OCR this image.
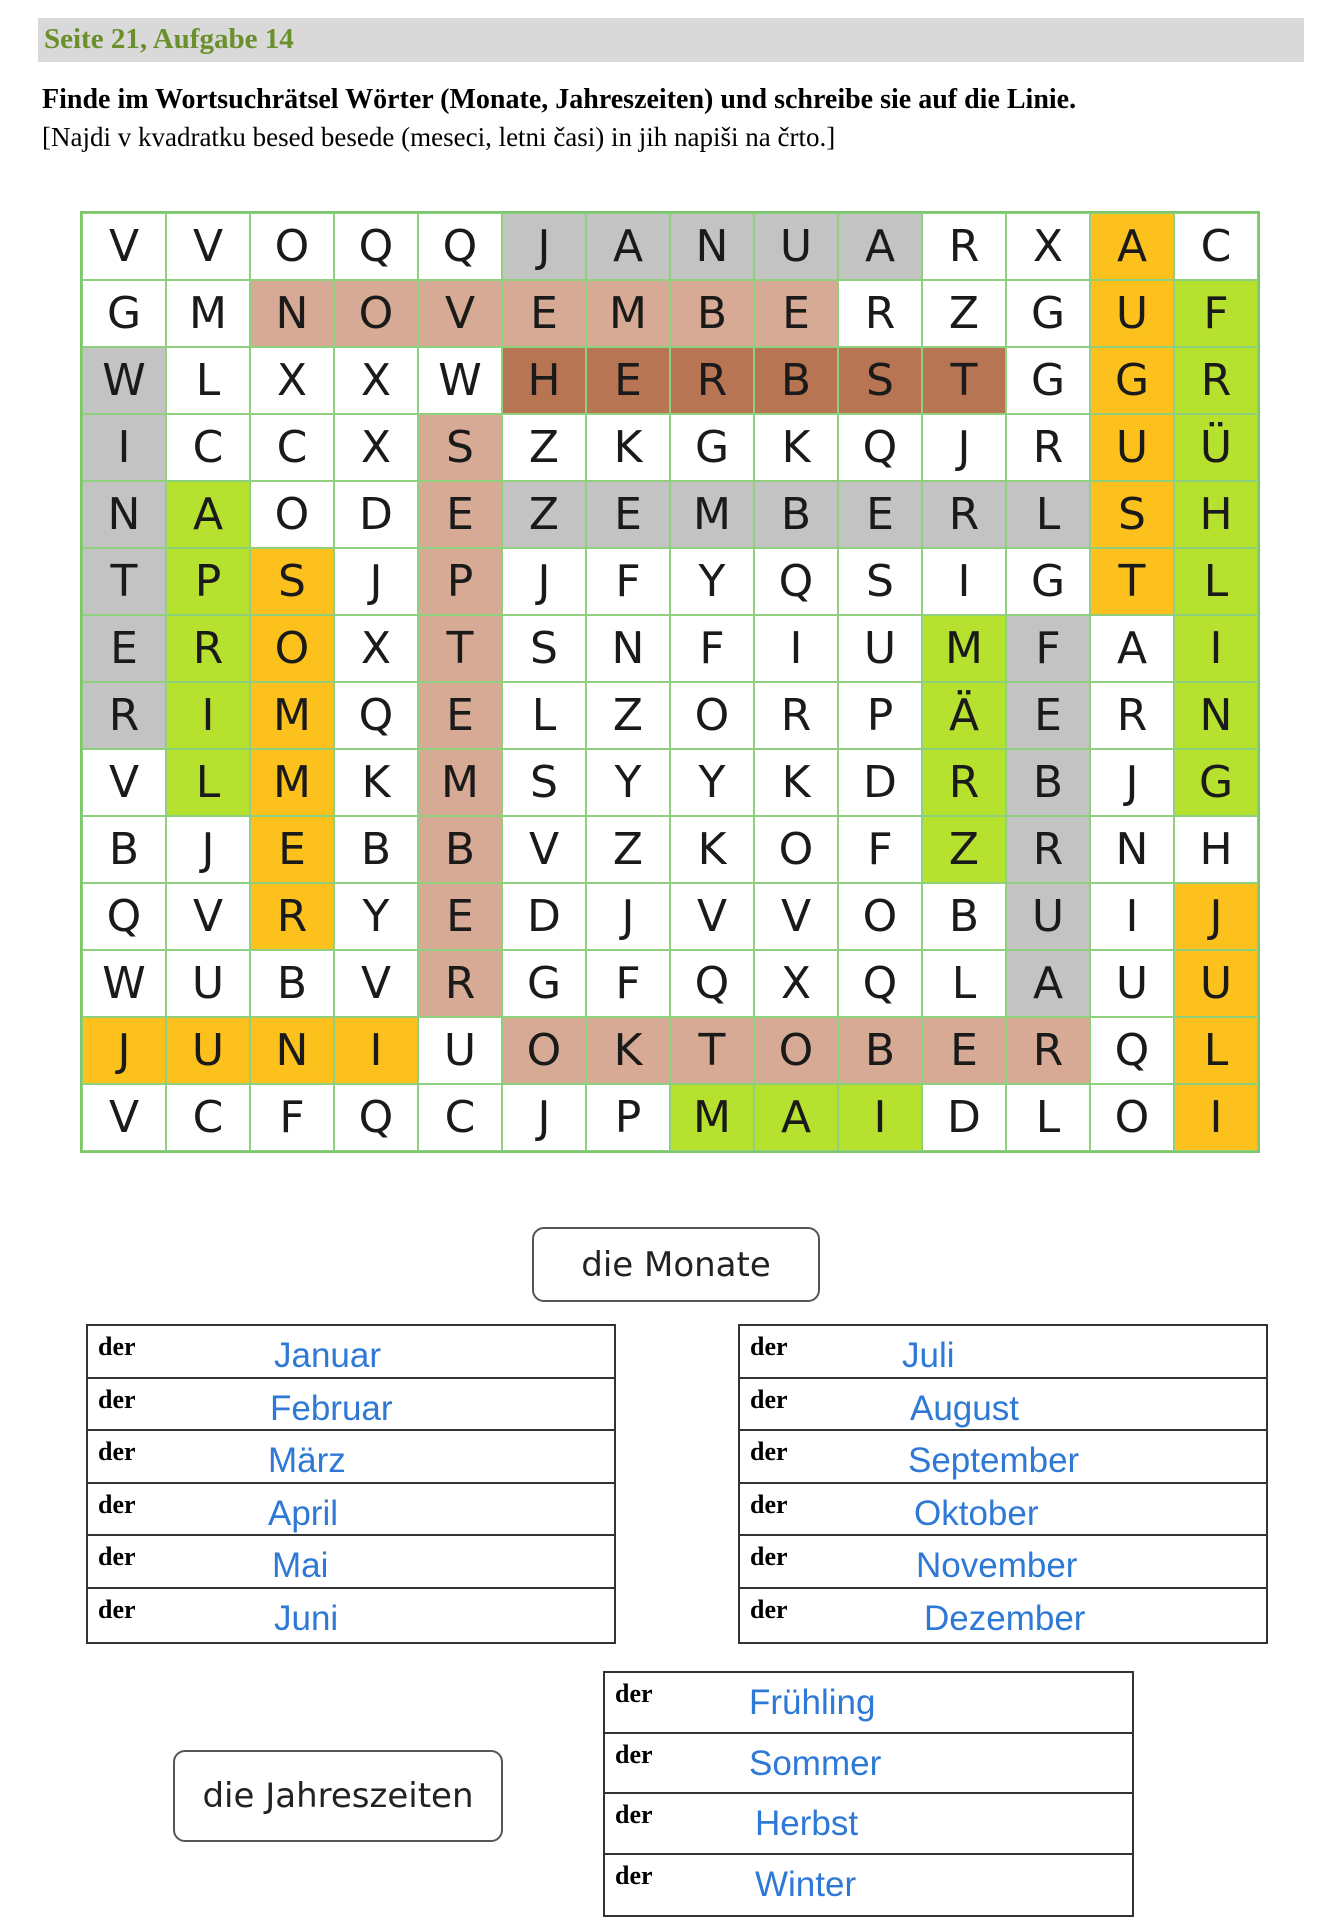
Seite 21, Aufgabe 14
Finde im Wortsuchrätsel Wörter (Monate, Jahreszeiten) und schreibe sie auf die Linie.
[Najdi v kvadratku besed besede (meseci, letni časi) in jih napiši na črto.]
V	V	O	Q	Q	J	A	N	U	A	R	X	A	C
G	M	N	O	V	E	M	B	E	R	Z	G	U	F
W	L	X	X	W	H	E	R	B	S	T	G	G	R
I	C	C	X	S	Z	K	G	K	Q	J	R	U	Ü
N	A	O	D	E	Z	E	M	B	E	R	L	S	H
T	P	S	J	P	J	F	Y	Q	S	I	G	T	L
E	R	O	X	T	S	N	F	I	U	M	F	A	I
R	I	M	Q	E	L	Z	O	R	P	Ä	E	R	N
V	L	M	K	M	S	Y	Y	K	D	R	B	J	G
B	J	E	B	B	V	Z	K	O	F	Z	R	N	H
Q	V	R	Y	E	D	J	V	V	O	B	U	I	J
W	U	B	V	R	G	F	Q	X	Q	L	A	U	U
J	U	N	I	U	O	K	T	O	B	E	R	Q	L
V	C	F	Q	C	J	P	M	A	I	D	L	O	I
die Monate
der	Januar
der	Februar
der	März
der	April
der	Mai
der	Juni
der	Juli
der	August
der	September
der	Oktober
der	November
der	Dezember
die Jahreszeiten
der	Frühling
der	Sommer
der	Herbst
der	Winter
